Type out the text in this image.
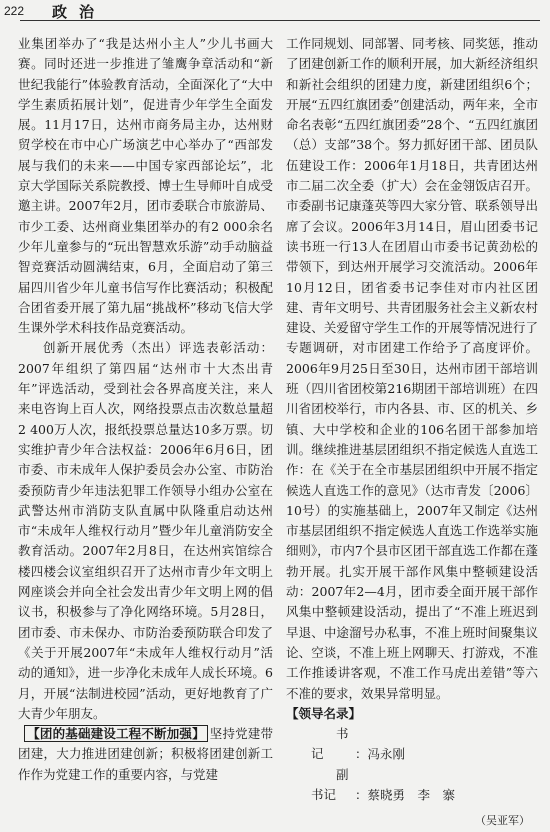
222 政治

业集团举办了“我是达州小主人”少儿书画大赛。同时还进一步推进了雏鹰争章活动和“新世纪我能行”体验教育活动，全面深化了“大中学生素质拓展计划”，促进青少年学生全面发展。11月17日，达州市商务局主办，达州财贸学校在市中心广场演艺中心举办了“西部发展与我们的未来——中国专家西部论坛”，北京大学国际关系院教授、博士生导师叶自成受邀主讲。2007年2月，团市委联合市旅游局、市少工委、达州商业集团举办的有2 000余名少年儿童参与的“玩出智慧欢乐游”动手动脑益智竞赛活动圆满结束，6月，全面启动了第三届四川省少年儿童书信写作比赛活动；积极配合团省委开展了第九届“挑战杯”移动飞信大学生课外学术科技作品竞赛活动。

创新开展优秀（杰出）评选表彰活动：2007年组织了第四届“达州市十大杰出青年”评选活动，受到社会各界高度关注，来人来电咨询上百人次，网络投票点击次数总量超2 400万人次，报纸投票总量达10多万票。切实维护青少年合法权益：2006年6月6日，团市委、市未成年人保护委员会办公室、市防治委预防青少年违法犯罪工作领导小组办公室在武警达州市消防支队直属中队隆重启动达州市“未成年人维权行动月”暨少年儿童消防安全教育活动。2007年2月8日，在达州宾馆综合楼四楼会议室组织召开了达州市青少年文明上网座谈会并向全社会发出青少年文明上网的倡议书，积极参与了净化网络环境。5月28日，团市委、市未保办、市防治委预防联合印发了《关于开展2007年“未成年人维权行动月”活动的通知》，进一步净化未成年人成长环境。6月，开展“法制进校园”活动，更好地教育了广大青少年朋友。

【团的基础建设工程不断加强】 坚持党建带团建，大力推进团建创新；积极将团建创新工作作为党建工作的重要内容，与党建

工作同规划、同部署、同考核、同奖惩，推动了团建创新工作的顺利开展，加大新经济组织和新社会组织的团建力度，新建团组织6个；开展“五四红旗团委”创建活动，两年来，全市命名表彰“五四红旗团委”28个、“五四红旗团（总）支部”38个。努力抓好团干部、团员队伍建设工作：2006年1月18日，共青团达州市二届二次全委（扩大）会在金翎饭店召开。市委副书记康蓬英等四大家分管、联系领导出席了会议。2006年3月14日，眉山团委书记读书班一行13人在团眉山市委书记黄劲松的带领下，到达州开展学习交流活动。2006年10月12日，团省委书记李佳对市内社区团建、青年文明号、共青团服务社会主义新农村建设、关爱留守学生工作的开展等情况进行了专题调研，对市团建工作给予了高度评价。2006年9月25日至30日，达州市团干部培训班（四川省团校第216期团干部培训班）在四川省团校举行，市内各县、市、区的机关、乡镇、大中学校和企业的106名团干部参加培训。继续推进基层团组织不指定候选人直选工作：在《关于在全市基层团组织中开展不指定候选人直选工作的意见》（达市青发〔2006〕10号）的实施基础上，2007年又制定《达州市基层团组织不指定候选人直选工作选举实施细则》，市内7个县市区团干部直选工作都在蓬勃开展。扎实开展干部作风集中整顿建设活动：2007年2—4月，团市委全面开展干部作风集中整顿建设活动，提出了“不准上班迟到早退、中途溜号办私事，不准上班时间聚集议论、空谈，不准上班上网聊天、打游戏，不准工作推诿讲客观，不准工作马虎出差错”等六不准的要求，效果异常明显。

【领导名录】

书　记	：冯永刚

副书记 ：蔡晓勇　李　寨

（吴亚军）
